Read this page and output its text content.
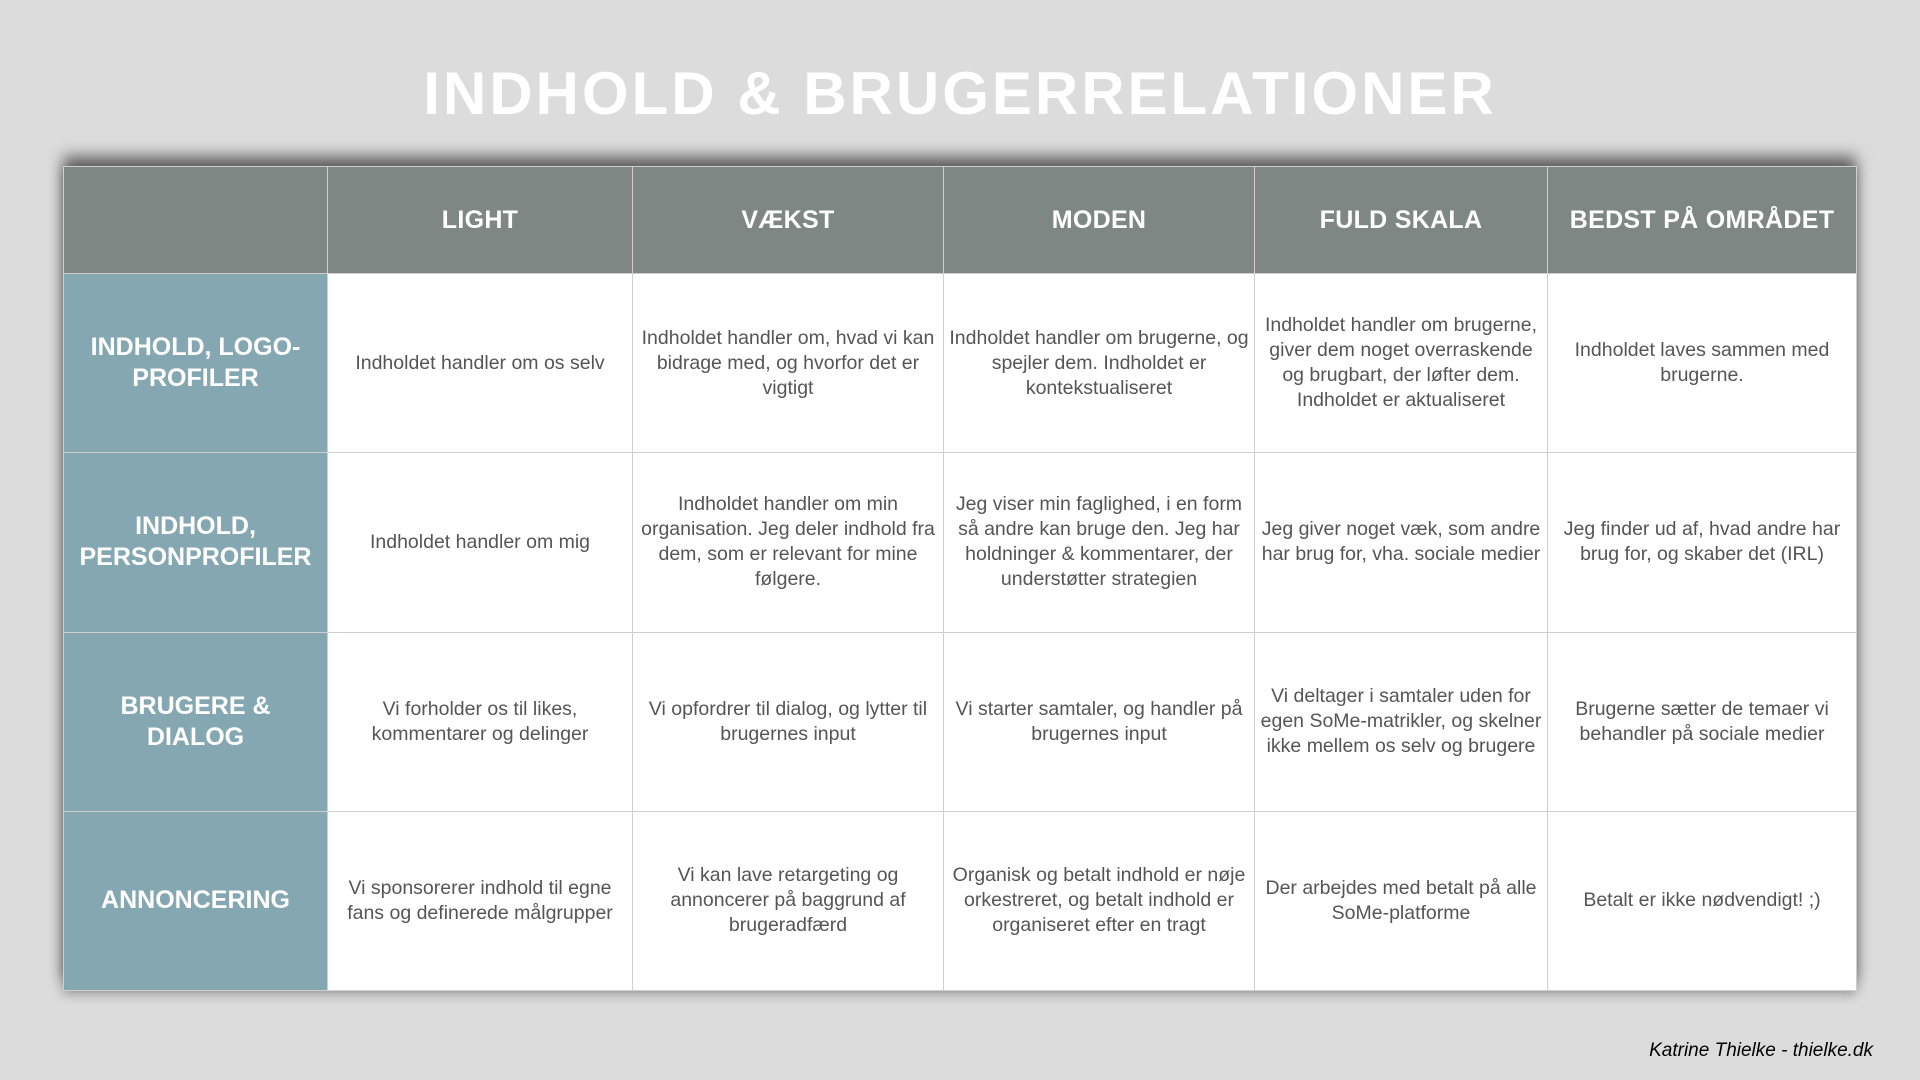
INDHOLD & BRUGERRELATIONER
	LIGHT	VÆKST	MODEN	FULD SKALA	BEDST PÅ OMRÅDET
INDHOLD, LOGO-PROFILER	Indholdet handler om os selv	Indholdet handler om, hvad vi kan bidrage med, og hvorfor det er vigtigt	Indholdet handler om brugerne, og spejler dem. Indholdet er kontekstualiseret	Indholdet handler om brugerne, giver dem noget overraskende og brugbart, der løfter dem. Indholdet er aktualiseret	Indholdet laves sammen med brugerne.
INDHOLD, PERSONPROFILER	Indholdet handler om mig	Indholdet handler om min organisation. Jeg deler indhold fra dem, som er relevant for mine følgere.	Jeg viser min faglighed, i en form så andre kan bruge den. Jeg har holdninger & kommentarer, der understøtter strategien	Jeg giver noget væk, som andre har brug for, vha. sociale medier	Jeg finder ud af, hvad andre har brug for, og skaber det (IRL)
BRUGERE & DIALOG	Vi forholder os til likes, kommentarer og delinger	Vi opfordrer til dialog, og lytter til brugernes input	Vi starter samtaler, og handler på brugernes input	Vi deltager i samtaler uden for egen SoMe-matrikler, og skelner ikke mellem os selv og brugere	Brugerne sætter de temaer vi behandler på sociale medier
ANNONCERING	Vi sponsorerer indhold til egne fans og definerede målgrupper	Vi kan lave retargeting og annoncerer på baggrund af brugeradfærd	Organisk og betalt indhold er nøje orkestreret, og betalt indhold er organiseret efter en tragt	Der arbejdes med betalt på alle SoMe-platforme	Betalt er ikke nødvendigt! ;)
Katrine Thielke - thielke.dk
